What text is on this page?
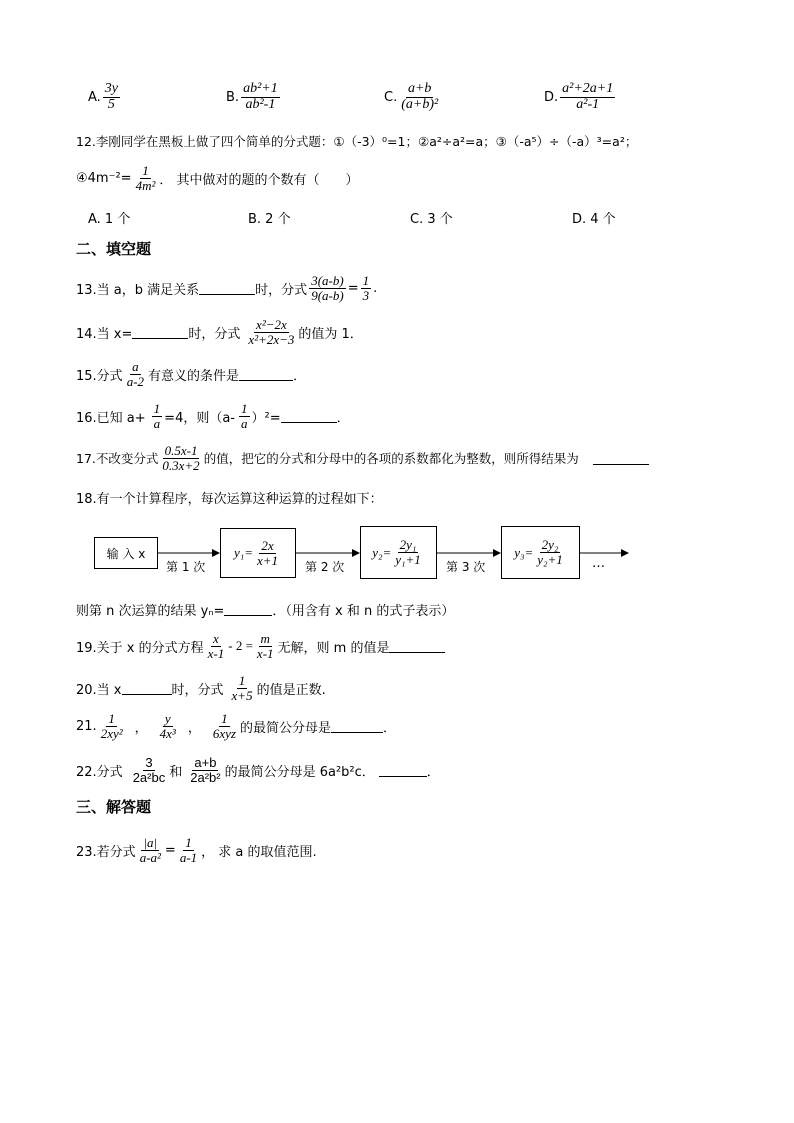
A. $\frac{3y}{5}$	B. $\frac{\text{ab²+1}}{\text{ab²-1}}$	C. $\frac{a+b}{\text{(a+b)²}}$	D. $\frac{\text{a²+2a+1}}{\text{a²-1}}$
12.李刚同学在黑板上做了四个简单的分式题：①（-3）⁰=1；②a²÷a²=a；③（-a⁵）÷（-a）³=a²；
④4m⁻²= $\frac{1}{\text{4m²}}$ ． 其中做对的题的个数有（　　）
A. 1 个	B. 2 个	C. 3 个	D. 4 个
二、填空题
13.当 a，b 满足关系	时，分式 $\frac{3(a-b)}{9(a-b)} = \frac{1}{3}$ .
14.当 x=	时，分式 $\frac{\text{x²−2x}}{\text{x²+2x−3}}$ 的值为 1．
15.分式 $\frac{a}{a-2}$ 有意义的条件是	．
16.已知 $a+ \frac{1}{a} =4$，则$(a- \frac{1}{a} )^2=$	．
17.不改变分式 $\frac{0.5x-1}{0.3x+2}$ 的值，把它的分式和分母中的各项的系数都化为整数，则所得结果为
18.有一个计算程序，每次运算这种运算的过程如下：
输 入 x
第 1 次	第 2 次	第 3 次
$y_1= \frac{2x}{x+1}$	$y_2= \frac{\text{2y₁}}{\text{y₁+1}}$	$y_3= \frac{\text{2y₂}}{\text{y₂+1}}$ …
则第 n 次运算的结果 yₙ=	．（用含有 x 和 n 的式子表示）
19.关于 x 的分式方程 $\frac{x}{x-1} - 2 = \frac{m}{x-1}$ 无解，则 m 的值是
20.当 x	时，分式 $\frac{1}{x+5}$ 的值是正数.
21. $\frac{1}{\text{2xy²}}$ ， $\frac{y}{\text{4x³}}$ ， $\frac{1}{\text{6xyz}}$ 的最简公分母是	．
22.分式 $\frac{3}{\text{2a²bc}}$ 和 $\frac{a+b}{\text{2a²b²}}$ 的最简公分母是 6a²b²c．	．
三、解答题
23.若分式 $\frac{|a|}{\text{a-a²}} = \frac{1}{a-1}$ ， 求 a 的取值范围.
